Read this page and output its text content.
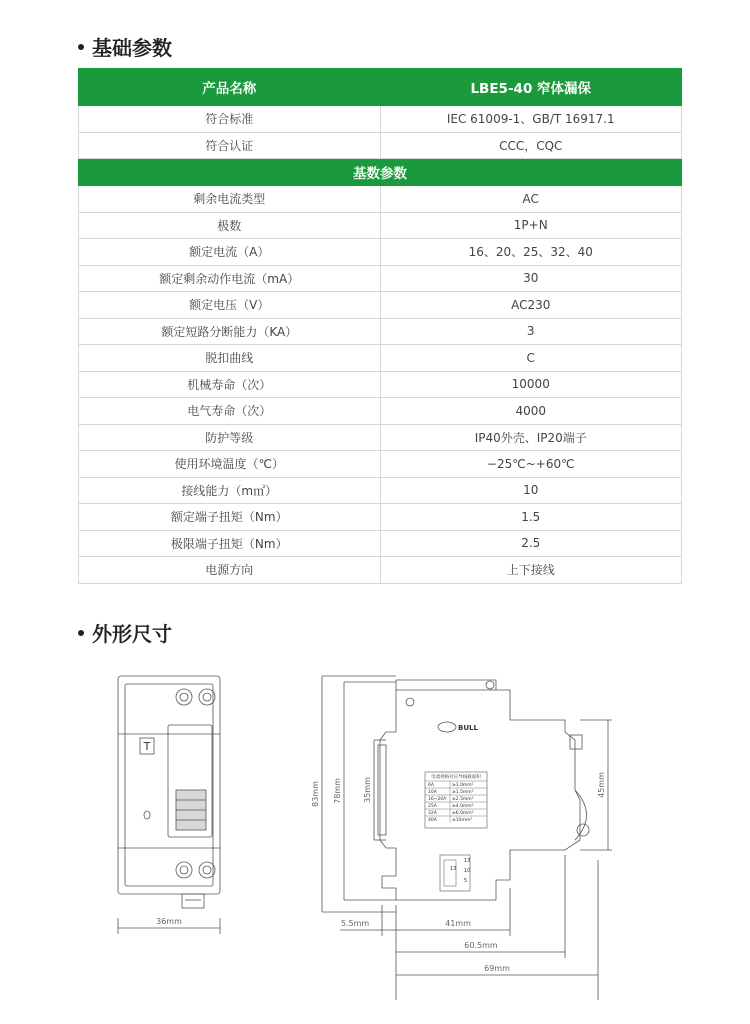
基础参数
产品名称	LBE5-40 窄体漏保
符合标准	IEC 61009-1、GB/T 16917.1
符合认证	CCC，CQC
基数参数	
剩余电流类型	AC
极数	1P+N
额定电流（A）	16、20、25、32、40
额定剩余动作电流（mA）	30
额定电压（V）	AC230
额定短路分断能力（KA）	3
脱扣曲线	C
机械寿命（次）	10000
电气寿命（次）	4000
防护等级	IP40外壳、IP20端子
使用环境温度（℃）	−25℃~+60℃
接线能力（m㎡）	10
额定端子扭矩（Nm）	1.5
极限端子扭矩（Nm）	2.5
电源方向	上下接线
外形尺寸
T
36mm
BULL
电流规格对应导线截面积
6A	≥1.0mm²
10A	≥1.5mm²
16~20A ≥2.5mm²
25A	≥4.0mm²
32A	≥6.0mm²
40A	≥10mm²
13
13
10
5
83mm 78mm	35mm	45mm
5.5mm	41mm
60.5mm
69mm
